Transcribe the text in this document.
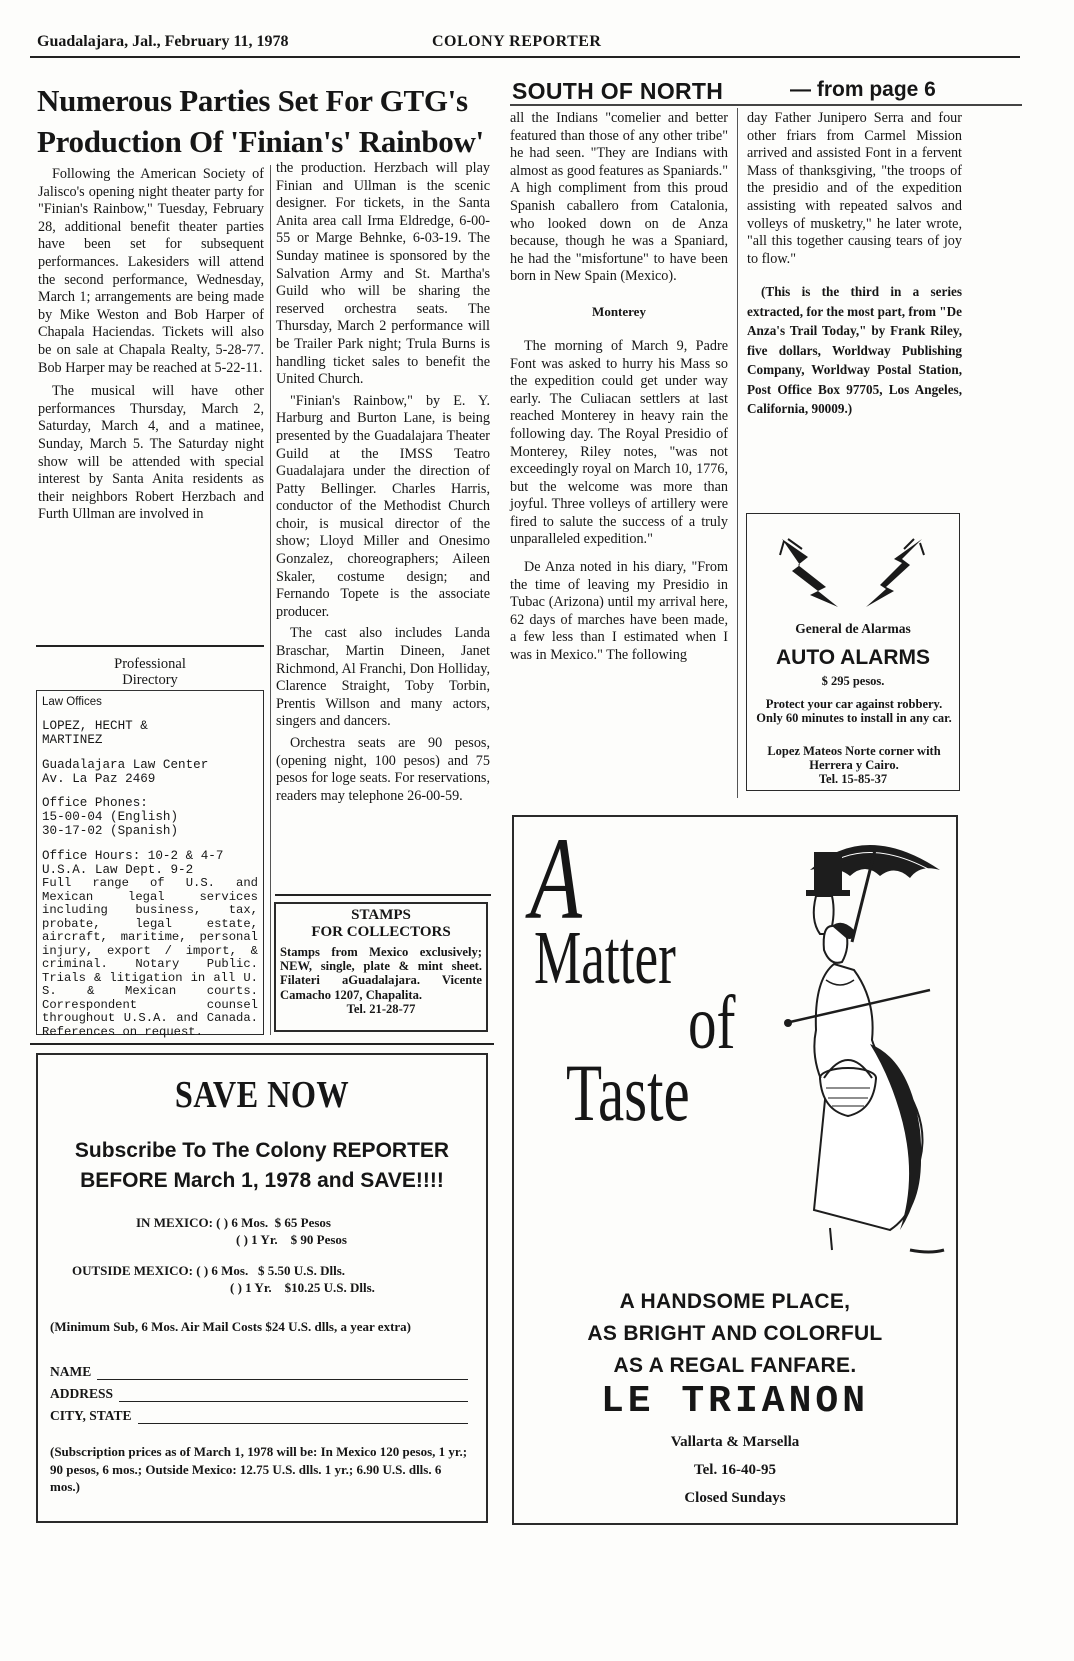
Guadalajara, Jal., February 11, 1978	COLONY REPORTER
Numerous Parties Set For GTG's
Production Of 'Finian's' Rainbow'

Following the American Society of Jalisco's opening night theater party for "Finian's Rainbow," Tuesday, February 28, additional benefit theater parties have been set for subsequent performances. Lakesiders will attend the second performance, Wednesday, March 1; arrangements are being made by Mike Weston and Bob Harper of Chapala Haciendas. Tickets will also be on sale at Chapala Realty, 5-28-77. Bob Harper may be reached at 5-22-11.

The musical will have other performances Thursday, March 2, Saturday, March 4, and a matinee, Sunday, March 5. The Saturday night show will be attended with special interest by Santa Anita residents as their neighbors Robert Herzbach and Furth Ullman are involved in

the production. Herzbach will play Finian and Ullman is the scenic designer. For tickets, in the Santa Anita area call Irma Eldredge, 6-00-55 or Marge Behnke, 6-03-19. The Sunday matinee is sponsored by the Salvation Army and St. Martha's Guild who will be sharing the reserved orchestra seats. The Thursday, March 2 performance will be Trailer Park night; Trula Burns is handling ticket sales to benefit the United Church.

"Finian's Rainbow," by E. Y. Harburg and Burton Lane, is being presented by the Guadalajara Theater Guild at the IMSS Teatro Guadalajara under the direction of Patty Bellinger. Charles Harris, conductor of the Methodist Church choir, is musical director of the show; Lloyd Miller and Onesimo Gonzalez, choreographers; Aileen Skaler, costume design; and Fernando Topete is the associate producer.

The cast also includes Landa Braschar, Martin Dineen, Janet Richmond, Al Franchi, Don Holliday, Clarence Straight, Toby Torbin, Prentis Willson and many actors, singers and dancers.

Orchestra seats are 90 pesos, (opening night, 100 pesos) and 75 pesos for loge seats. For reservations, readers may telephone 26-00-59.

Professional
Directory
Law Offices
LOPEZ, HECHT &
MARTINEZ
Guadalajara Law Center
Av. La Paz 2469
Office Phones:
15-00-04 (English)
30-17-02 (Spanish)
Office Hours: 10-2 & 4-7
U.S.A. Law Dept. 9-2
Full range of U.S. and Mexican legal services including business, tax, probate, legal estate, aircraft, maritime, personal injury, export / import, & criminal. Notary Public. Trials & litigation in all U. S. & Mexican courts. Correspondent counsel throughout U.S.A. and Canada. References on request.
STAMPS
FOR COLLECTORS
Stamps from Mexico exclusively; NEW, single, plate & mint sheet. Filateri aGuadalajara. Vicente Camacho 1207, Chapalita.
Tel. 21-28-77
SAVE NOW
Subscribe To The Colony REPORTER
BEFORE March 1, 1978 and SAVE!!!!
IN MEXICO: ( ) 6 Mos.  $ 65 Pesos
( ) 1 Yr.    $ 90 Pesos
OUTSIDE MEXICO: ( ) 6 Mos.   $ 5.50 U.S. Dlls.
( ) 1 Yr.    $10.25 U.S. Dlls.
(Minimum Sub, 6 Mos. Air Mail Costs $24 U.S. dlls, a year extra)
NAME
ADDRESS
CITY, STATE
(Subscription prices as of March 1, 1978 will be: In Mexico 120 pesos, 1 yr.; 90 pesos, 6 mos.; Outside Mexico: 12.75 U.S. dlls. 1 yr.; 6.90 U.S. dlls. 6 mos.)
SOUTH OF NORTH	— from page 6

all the Indians "comelier and better featured than those of any other tribe" he had seen. "They are Indians with almost as good features as Spaniards." A high compliment from this proud Spanish caballero from Catalonia, who looked down on de Anza because, though he was a Spaniard, he had the "misfortune" to have been born in New Spain (Mexico).

Monterey

The morning of March 9, Padre Font was asked to hurry his Mass so the expedition could get under way early. The Culiacan settlers at last reached Monterey in heavy rain the following day. The Royal Presidio of Monterey, Riley notes, "was not exceedingly royal on March 10, 1776, but the welcome was more than joyful. Three volleys of artillery were fired to salute the success of a truly unparalleled expedition."

De Anza noted in his diary, "From the time of leaving my Presidio in Tubac (Arizona) until my arrival here, 62 days of marches have been made, a few less than I estimated when I was in Mexico." The following

day Father Junipero Serra and four other friars from Carmel Mission arrived and assisted Font in a fervent Mass of thanksgiving, "the troops of the presidio and of the expedition assisting with repeated salvos and volleys of musketry," he later wrote, "all this together causing tears of joy to flow."

(This is the third in a series extracted, for the most part, from "De Anza's Trail Today," by Frank Riley, five dollars, Worldway Publishing Company, Worldway Postal Station, Post Office Box 97705, Los Angeles, California, 90009.)

General de Alarmas
AUTO ALARMS
$ 295 pesos.
Protect your car against robbery. Only 60 minutes to install in any car.
Lopez Mateos Norte corner with Herrera y Cairo.
Tel. 15-85-37
A
Matter
of
Taste
A HANDSOME PLACE,
AS BRIGHT AND COLORFUL
AS A REGAL FANFARE.
LE TRIANON
Vallarta & Marsella
Tel. 16-40-95
Closed Sundays
